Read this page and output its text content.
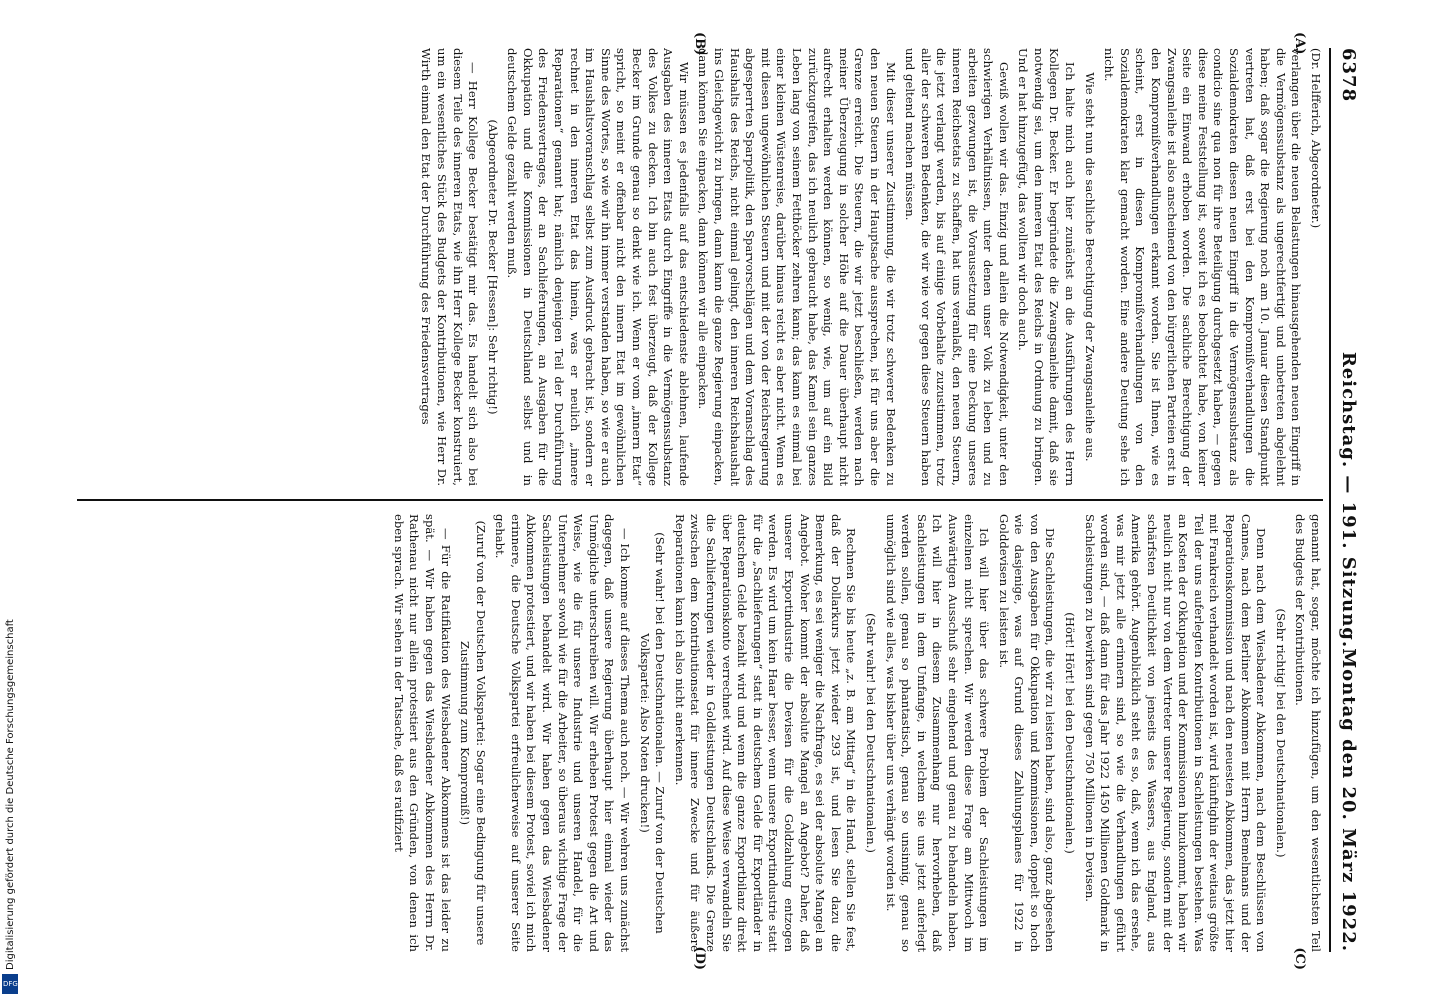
6378
Reichstag. — 191. Sitzung.
Montag den 20. März 1922.
(A)
(B)
(C)
(D)

(Dr. Helfferich, Abgeordneter.)

verlangen über die neuen Belastungen hinausgehenden neuen Eingriff in die Vermögenssubstanz als ungerechtfertigt und unbetreten abgelehnt haben; daß sogar die Regierung noch am 10. Januar diesen Standpunkt vertreten hat, daß erst bei den Kompromißverhandlungen die Sozialdemokraten diesen neuen Eingriff in die Vermögenssubstanz als condicio sine qua non für ihre Beteiligung durchgesetzt haben, — gegen diese meine Feststellung ist, soweit ich es beobachtet habe, von keiner Seite ein Einwand erhoben worden. Die sachliche Berechtigung der Zwangsanleihe ist also anscheinend von den bürgerlichen Parteien erst in den Kompromißverhandlungen erkannt worden. Sie ist Ihnen, wie es scheint, erst in diesen Kompromißverhandlungen von den Sozialdemokraten klar gemacht worden. Eine andere Deutung sehe ich nicht.

Wie steht nun die sachliche Berechtigung der Zwangsanleihe aus.

Ich halte mich auch hier zunächst an die Ausführungen des Herrn Kollegen Dr. Becker. Er begründete die Zwangsanleihe damit, daß sie notwendig sei, um den inneren Etat des Reichs in Ordnung zu bringen. Und er hat hinzugefügt, das wollten wir doch auch.

Gewiß wollen wir das. Einzig und allein die Notwendigkeit, unter den schwierigen Verhältnissen, unter denen unser Volk zu leben und zu arbeiten gezwungen ist, die Voraussetzung für eine Deckung unseres inneren Reichsetats zu schaffen, hat uns veranlaßt, den neuen Steuern, die jetzt verlangt werden, bis auf einige Vorbehalte zuzustimmen, trotz aller der schweren Bedenken, die wir wie vor gegen diese Steuern haben und geltend machen müssen.

Mit dieser unserer Zustimmung, die wir trotz schwerer Bedenken zu den neuen Steuern in der Hauptsache aussprechen, ist für uns aber die Grenze erreicht. Die Steuern, die wir jetzt beschließen, werden nach meiner Überzeugung in solcher Höhe auf die Dauer überhaupt nicht aufrecht erhalten werden können, so wenig, wie, um auf ein Bild zurückzugreifen, das ich neulich gebraucht habe, das Kamel sein ganzes Leben lang von seinem Fetthöcker zehren kann; das kann es einmal bei einer kleinen Wüstenreise, darüber hinaus reicht es aber nicht. Wenn es mit diesen ungewöhnlichen Steuern und mit der von der Reichsregierung abgesperrten Sparpolitik, den Sparvorschlägen und dem Voranschlag des Haushalts des Reichs, nicht einmal gelingt, den inneren Reichshaushalt ins Gleichgewicht zu bringen, dann kann die ganze Regierung einpacken, dann können Sie einpacken, dann können wir alle einpacken.

Wir müssen es jedenfalls auf das entschiedenste ablehnen, laufende Ausgaben des inneren Etats durch Eingriffe in die Vermögenssubstanz des Volkes zu decken. Ich bin auch fest überzeugt, daß der Kollege Becker im Grunde genau so denkt wie ich. Wenn er vom „innern Etat“ spricht, so meint er offenbar nicht den innern Etat im gewöhnlichen Sinne des Wortes, so wie wir ihn immer verstanden haben, so wie er auch im Haushaltsvoranschlag selbst zum Ausdruck gebracht ist, sondern er rechnet in den inneren Etat das hinein, was er neulich „innere Reparationen“ genannt hat; nämlich denjenigen Teil der Durchführung des Friedensvertrages, der an Sachlieferungen, an Ausgaben für die Okkupation und die Kommissionen in Deutschland selbst und in deutschem Gelde gezahlt werden muß.

(Abgeordneter Dr. Becker [Hessen]: Sehr richtig!)

— Herr Kollege Becker bestätigt mir das. Es handelt sich also bei diesem Teile des inneren Etats, wie ihn Herr Kollege Becker konstruiert, um ein wesentliches Stück des Budgets der Kontributionen, wie Herr Dr. Wirth einmal den Etat der Durchführung des Friedensvertrages

genannt hat, sogar, möchte ich hinzufügen, um den wesentlichsten Teil des Budgets der Kontributionen.

(Sehr richtig! bei den Deutschnationalen.)

Denn nach dem Wiesbadener Abkommen, nach dem Beschlüssen von Cannes, nach dem Berliner Abkommen mit Herrn Bemelmans und der Reparationskommission und nach den neuesten Abkommen, das jetzt hier mit Frankreich verhandelt worden ist, wird künftighin der weitaus größte Teil der uns auferlegten Kontributionen in Sachleistungen bestehen. Was an Kosten der Okkupation und der Kommissionen hinzukommt, haben wir neulich nicht nur von dem Vertreter unserer Regierung, sondern mit der schärfsten Deutlichkeit von jenseits des Wassers, aus England, aus Amerika gehört. Augenblicklich steht es so, daß, wenn ich das ersehe, was mir jetzt alle erinnern sind, so wie die Verhandlungen geführt worden sind, — daß dann für das Jahr 1922 1450 Millionen Goldmark in Sachleistungen zu bewirken sind gegen 750 Millionen in Devisen.

(Hört! Hört! bei den Deutschnationalen.)

Die Sachleistungen, die wir zu leisten haben, sind also, ganz abgesehen von den Ausgaben für Okkupation und Kommissionen, doppelt so hoch wie dasjenige, was auf Grund dieses Zahlungsplanes für 1922 in Golddevisen zu leisten ist.

Ich will hier über das schwere Problem der Sachleistungen im einzelnen nicht sprechen. Wir werden diese Frage am Mittwoch im Auswärtigen Ausschuß sehr eingehend und genau zu behandeln haben. Ich will hier in diesem Zusammenhang nur hervorheben, daß Sachleistungen in dem Umfange, in welchem sie uns jetzt auferlegt werden sollen, genau so phantastisch, genau so unsinnig, genau so unmöglich sind wie alles, was bisher über uns verhängt worden ist.

(Sehr wahr! bei den Deutschnationalen.)

Rechnen Sie bis heute „z. B. am Mittag“ in die Hand, stellen Sie fest, daß der Dollarkurs jetzt wieder 293 ist, und lesen Sie dazu die Bemerkung, es sei weniger die Nachfrage, es sei der absolute Mangel an Angebot. Woher kommt der absolute Mangel an Angebot? Daher, daß unserer Exportindustrie die Devisen für die Goldzahlung entzogen werden. Es wird um kein Haar besser, wenn unsere Exportindustrie statt für die „Sachlieferungen“ statt in deutschem Gelde für Exportländer in deutschem Gelde bezahlt wird und wenn die ganze Exportbilanz direkt über Reparationskonto verrechnet wird. Auf diese Weise verwandeln Sie die Sachlieferungen wieder in Goldleistungen Deutschlands. Die Grenze zwischen dem Kontributionsetat für innere Zwecke und für äußere Reparationen kann ich also nicht anerkennen.

(Sehr wahr! bei den Deutschnationalen. — Zuruf von der Deutschen Volkspartei: Also Noten drucken!)

— Ich komme auf dieses Thema auch noch. — Wir wehren uns zunächst dagegen, daß unsere Regierung überhaupt hier einmal wieder das Unmögliche unterschreiben will. Wir erheben Protest gegen die Art und Weise, wie die für unsere Industrie und unseren Handel, für die Unternehmer sowohl wie für die Arbeiter, so überaus wichtige Frage der Sachleistungen behandelt wird. Wir haben gegen das Wiesbadener Abkommen protestiert, und wir haben bei diesem Protest, soviel ich mich erinnere, die Deutsche Volkspartei erfreulicherweise auf unserer Seite gehabt.

(Zuruf von der Deutschen Volkspartei: Sogar eine Bedingung für unsere Zustimmung zum Kompromiß!)

— Für die Ratifikation des Wiesbadener Abkommens ist das leider zu spät. — Wir haben gegen das Wiesbadener Abkommen des Herrn Dr. Rathenau nicht nur allein protestiert aus den Gründen, von denen ich eben sprach. Wir sehen in der Tatsache, daß es ratifiziert

Digitalisierung gefördert durch die Deutsche Forschungsgemeinschaft
DFG
